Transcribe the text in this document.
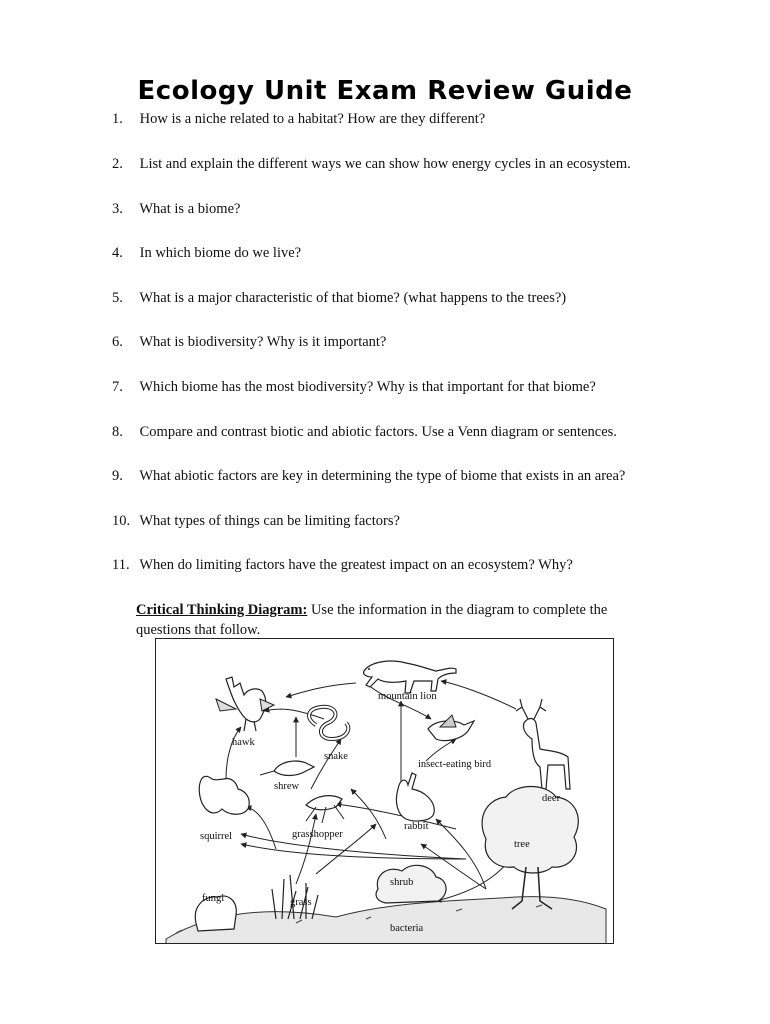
Ecology Unit Exam Review Guide
1. How is a niche related to a habitat? How are they different?
2. List and explain the different ways we can show how energy cycles in an ecosystem.
3. What is a biome?
4. In which biome do we live?
5. What is a major characteristic of that biome? (what happens to the trees?)
6. What is biodiversity? Why is it important?
7. Which biome has the most biodiversity? Why is that important for that biome?
8. Compare and contrast biotic and abiotic factors. Use a Venn diagram or sentences.
9. What abiotic factors are key in determining the type of biome that exists in an area?
10. What types of things can be limiting factors?
11. When do limiting factors have the greatest impact on an ecosystem? Why?
Critical Thinking Diagram: Use the information in the diagram to complete the questions that follow.
mountain lion
hawk
snake
insect-eating bird
shrew
deer
squirrel	grasshopper
rabbit
tree
fungi	grass
shrub
bacteria
